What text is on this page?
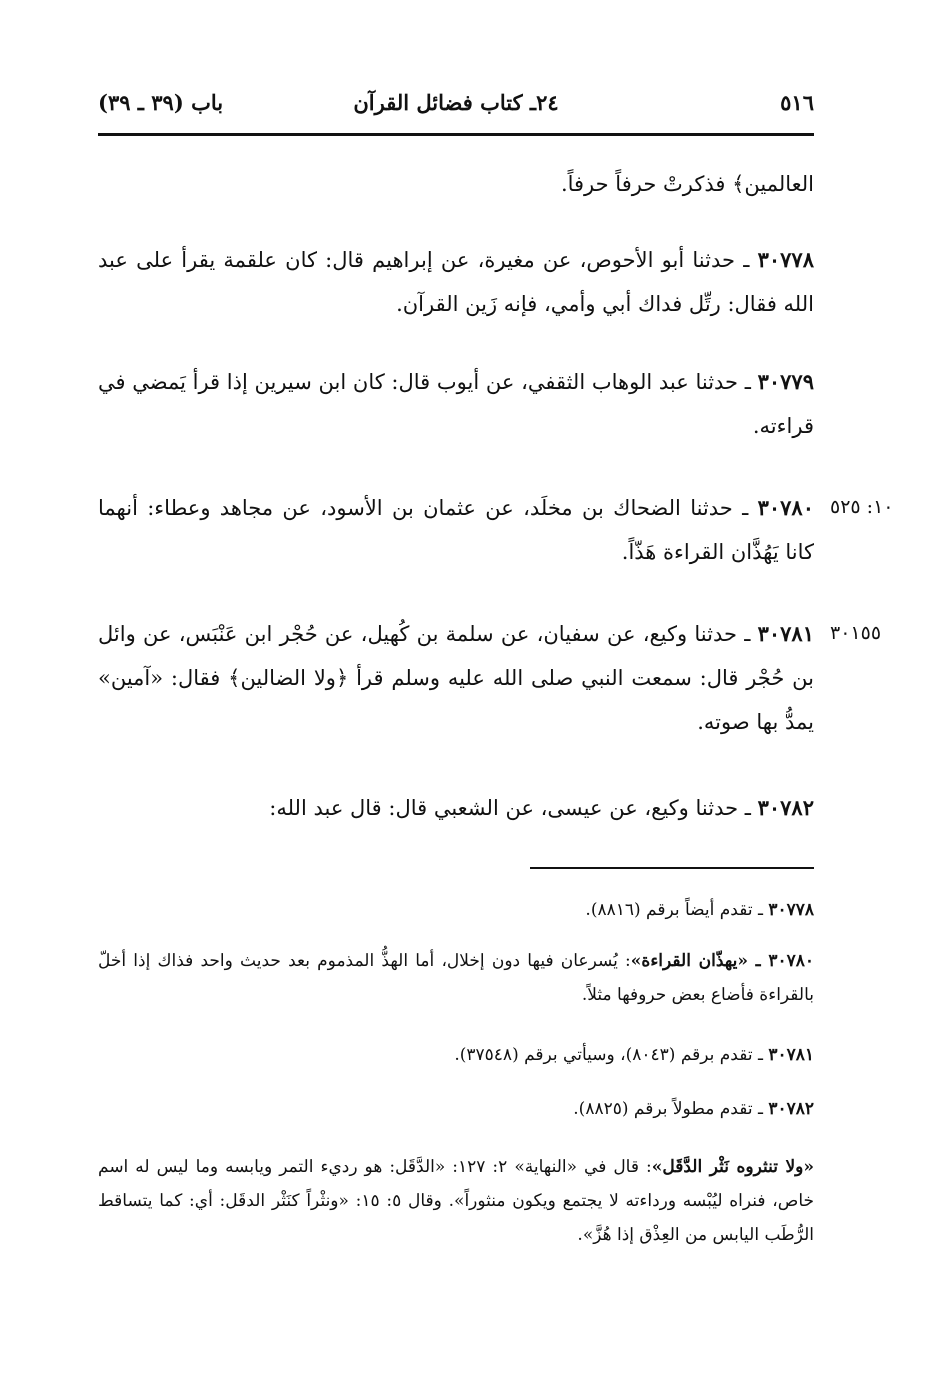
٥١٦
٢٤ـ كتاب فضائل القرآن
باب (٣٩ ـ ٣٩)
العالمين﴾ فذكرتْ حرفاً حرفاً.
٣٠٧٧٨ ـ حدثنا أبو الأحوص، عن مغيرة، عن إبراهيم قال: كان علقمة يقرأ على عبد الله فقال: رتِّل فداك أبي وأمي، فإنه زَين القرآن.
٣٠٧٧٩ ـ حدثنا عبد الوهاب الثقفي، عن أيوب قال: كان ابن سيرين إذا قرأ يَمضي في قراءته.
١٠: ٥٢٥
٣٠٧٨٠ ـ حدثنا الضحاك بن مخلَد، عن عثمان بن الأسود، عن مجاهد وعطاء: أنهما كانا يَهُذَّان القراءة هَذّاً.
٣٠١٥٥
٣٠٧٨١ ـ حدثنا وكيع، عن سفيان، عن سلمة بن كُهيل، عن حُجْر ابن عَنْبَس، عن وائل بن حُجْر قال: سمعت النبي صلى الله عليه وسلم قرأ ﴿ولا الضالين﴾ فقال: «آمين» يمدُّ بها صوته.
٣٠٧٨٢ ـ حدثنا وكيع، عن عيسى، عن الشعبي قال: قال عبد الله:
٣٠٧٧٨ ـ تقدم أيضاً برقم (٨٨١٦).
٣٠٧٨٠ ـ «يهذّان القراءة»: يُسرعان فيها دون إخلال، أما الهذُّ المذموم بعد حديث واحد فذاك إذا أخلّ بالقراءة فأضاع بعض حروفها مثلاً.
٣٠٧٨١ ـ تقدم برقم (٨٠٤٣)، وسيأتي برقم (٣٧٥٤٨).
٣٠٧٨٢ ـ تقدم مطولاً برقم (٨٨٢٥).
«ولا تنثروه نَثْر الدَّقَل»: قال في «النهاية» ٢: ١٢٧: «الدَّقَل: هو رديء التمر ويابسه وما ليس له اسم خاص، فنراه ليُبْسه ورداءته لا يجتمع ويكون منثوراً». وقال ٥: ١٥: «ونثْراً كنَثْر الدقَل: أي: كما يتساقط الرُّطَب اليابس من العِذْق إذا هُزَّ».
